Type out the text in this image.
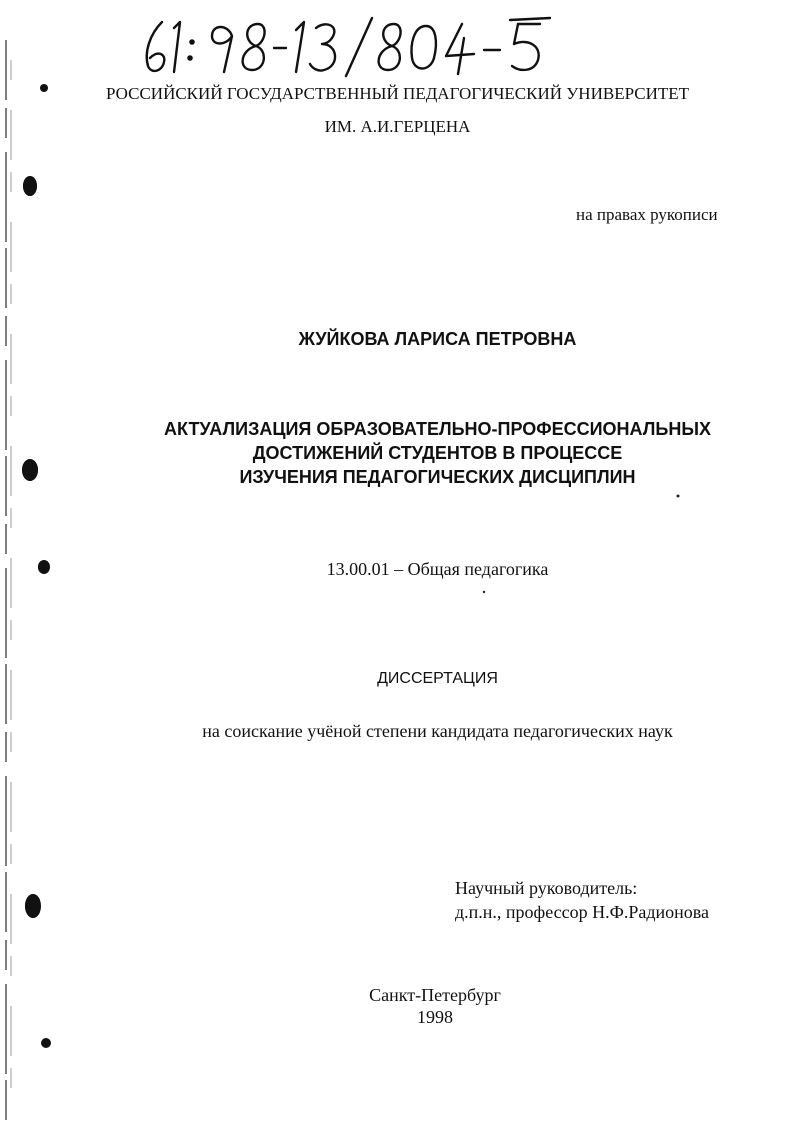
РОССИЙСКИЙ ГОСУДАРСТВЕННЫЙ ПЕДАГОГИЧЕСКИЙ УНИВЕРСИТЕТ
ИМ. А.И.ГЕРЦЕНА
на правах рукописи
ЖУЙКОВА ЛАРИСА ПЕТРОВНА
АКТУАЛИЗАЦИЯ ОБРАЗОВАТЕЛЬНО-ПРОФЕССИОНАЛЬНЫХ
ДОСТИЖЕНИЙ СТУДЕНТОВ В ПРОЦЕССЕ
ИЗУЧЕНИЯ ПЕДАГОГИЧЕСКИХ ДИСЦИПЛИН
13.00.01 – Общая педагогика
ДИССЕРТАЦИЯ
на соискание учёной степени кандидата педагогических наук
Научный руководитель:
д.п.н., профессор Н.Ф.Радионова
Санкт-Петербург
1998
